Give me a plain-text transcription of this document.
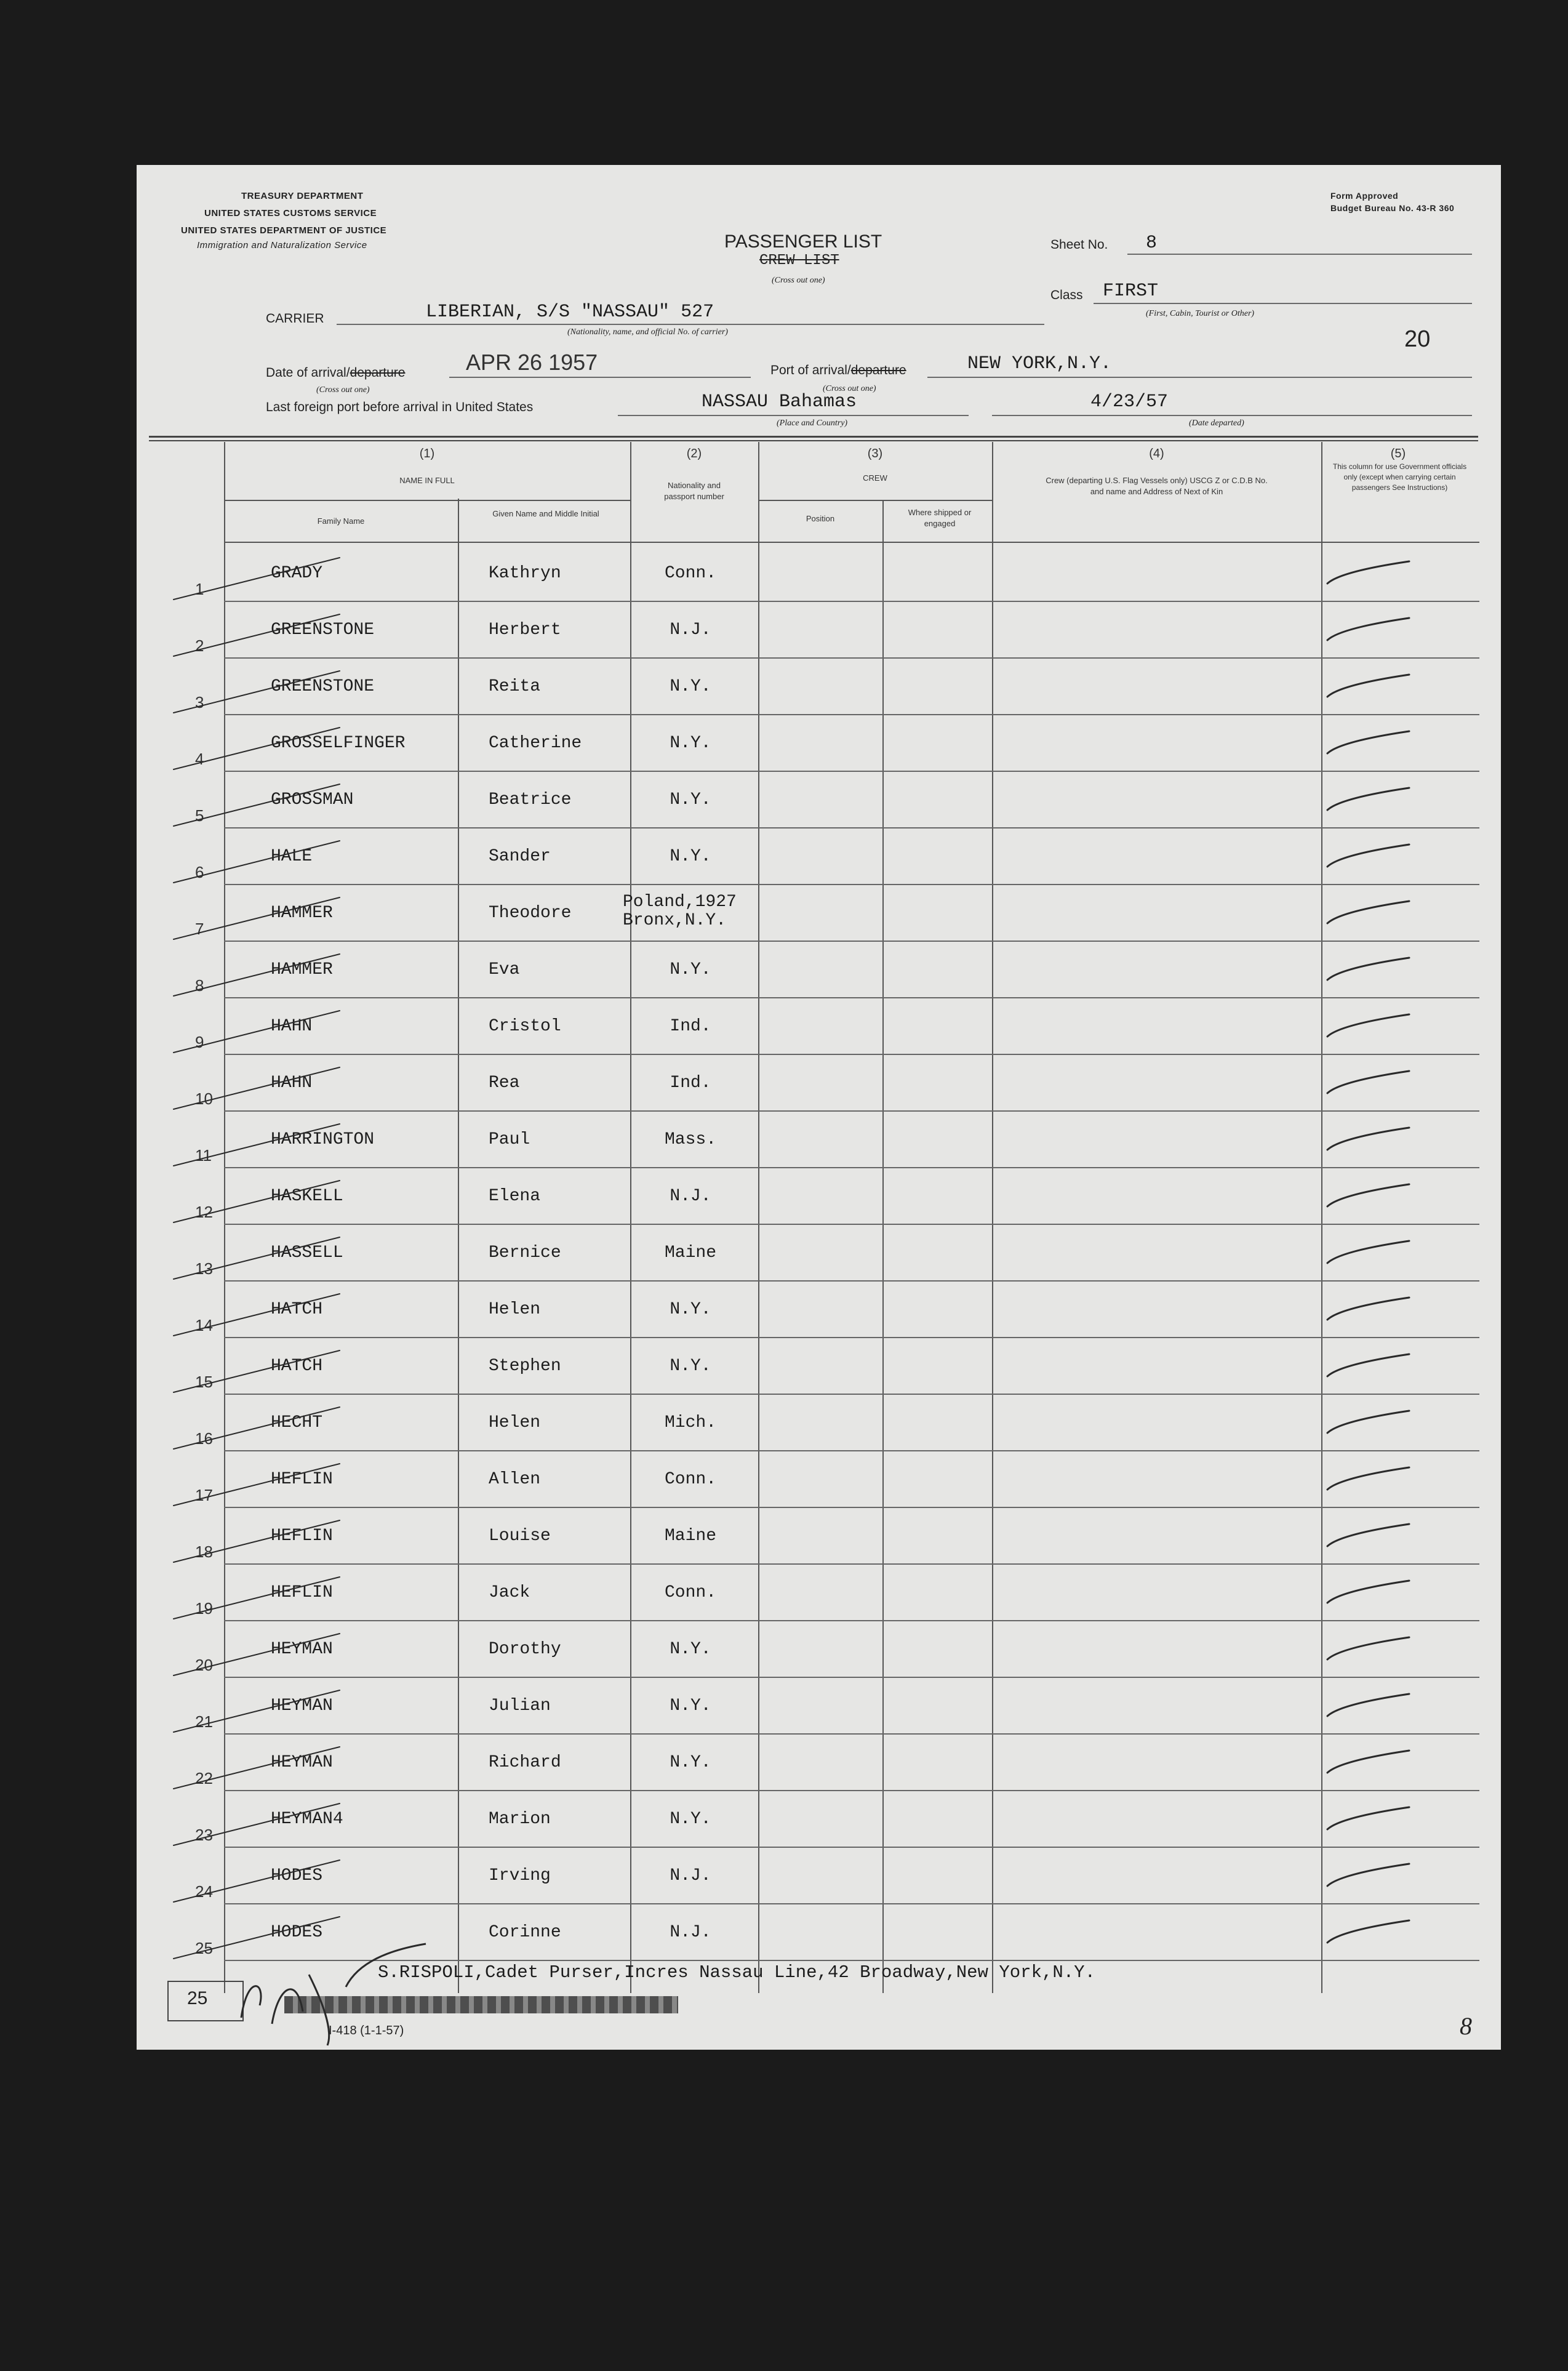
TREASURY DEPARTMENT
UNITED STATES CUSTOMS SERVICE
UNITED STATES DEPARTMENT OF JUSTICE
Immigration and Naturalization Service
Form Approved
Budget Bureau No. 43-R 360
PASSENGER LIST
CREW LIST
(Cross out one)
Sheet No. 8
Class FIRST
(First, Cabin, Tourist or Other)
CARRIER	LIBERIAN, S/S "NASSAU" 527
(Nationality, name, and official No. of carrier)	20
Date of arrival/departure	APR 26 1957
(Cross out one)
Port of arrival/departure	NEW YORK,N.Y.
(Cross out one)
Last foreign port before arrival in United States	NASSAU Bahamas
(Place and Country)
4/23/57
(Date departed)
(1)
NAME IN FULL
Family Name
Given Name and Middle Initial
(2)
Nationality and passport number
(3)
CREW
Position
Where shipped or engaged
(4)
Crew (departing U.S. Flag Vessels only) USCG Z or C.D.B No. and name and Address of Next of Kin
(5)
This column for use Government officials only (except when carrying certain passengers See Instructions)
1
GRADY	Kathryn	Conn.
2
GREENSTONE	Herbert	N.J.
3
GREENSTONE	Reita	N.Y.
4
GROSSELFINGER	Catherine	N.Y.
5
GROSSMAN	Beatrice	N.Y.
6
HALE	Sander	N.Y.
7
HAMMER	Theodore
Poland,1927
Bronx,N.Y.
8
HAMMER	Eva	N.Y.
9
HAHN	Cristol	Ind.
10
HAHN	Rea	Ind.
11
HARRINGTON	Paul	Mass.
12
HASKELL	Elena	N.J.
13
HASSELL	Bernice	Maine
14
HATCH	Helen	N.Y.
15
HATCH	Stephen	N.Y.
16
HECHT	Helen	Mich.
17
HEFLIN	Allen	Conn.
18
HEFLIN	Louise	Maine
19
HEFLIN	Jack	Conn.
20
HEYMAN	Dorothy	N.Y.
21
HEYMAN	Julian	N.Y.
22
HEYMAN	Richard	N.Y.
23
HEYMAN4	Marion	N.Y.
24
HODES	Irving	N.J.
25
HODES	Corinne	N.J.
25
S.RISPOLI,Cadet Purser,Incres Nassau Line,42 Broadway,New York,N.Y.
I-418 (1-1-57)	8
